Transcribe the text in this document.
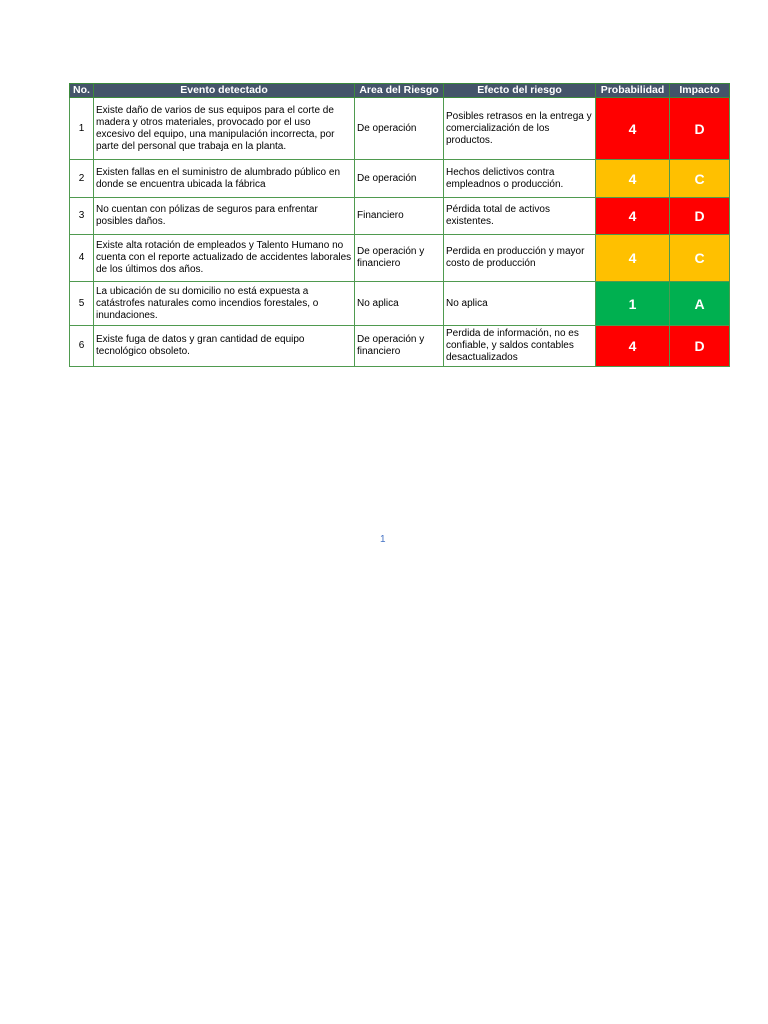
No.	Evento detectado	Area del Riesgo	Efecto del riesgo	Probabilidad	Impacto
1	Existe daño de varios de sus equipos para el corte de madera y otros materiales, provocado por el uso excesivo del equipo, una manipulación incorrecta, por parte del personal que trabaja en la planta.	De operación	Posibles retrasos en la entrega y comercialización de los productos.	4	D
2	Existen fallas en el suministro de alumbrado público en donde se encuentra ubicada la fábrica	De operación	Hechos delictivos contra empleadnos o producción.	4	C
3	No cuentan con pólizas de seguros para enfrentar posibles daños.	Financiero	Pérdida total de activos existentes.	4	D
4	Existe alta rotación de empleados y Talento Humano no cuenta con el reporte actualizado de accidentes laborales de los últimos dos años.	De operación y financiero	Perdida en producción y mayor costo de producción	4	C
5	La ubicación de su domicilio no está expuesta a catástrofes naturales como incendios forestales, o inundaciones.	No aplica	No aplica	1	A
6	Existe fuga de datos y gran cantidad de equipo tecnológico obsoleto.	De operación y financiero	Perdida de información, no es confiable, y saldos contables desactualizados	4	D
1
